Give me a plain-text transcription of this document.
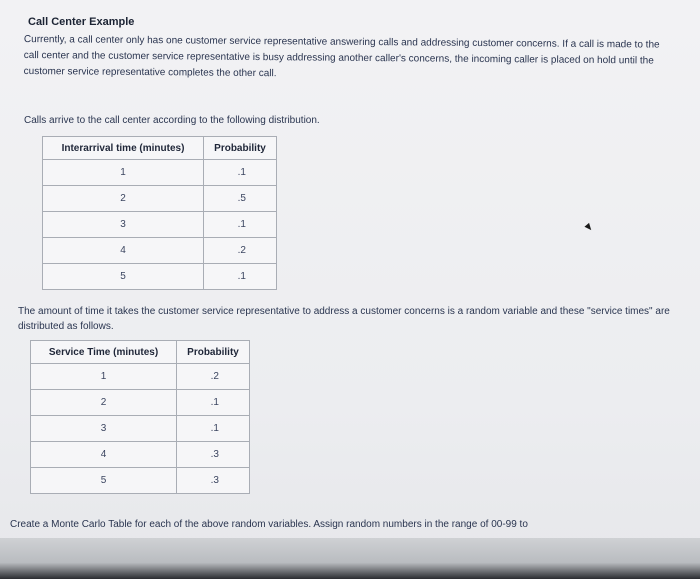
Call Center Example
Currently, a call center only has one customer service representative answering calls and addressing customer concerns. If a call is made to the call center and the customer service representative is busy addressing another caller's concerns, the incoming caller is placed on hold until the customer service representative completes the other call.
Calls arrive to the call center according to the following distribution.
Interarrival time (minutes)	Probability
1	.1
2	.5
3	.1
4	.2
5	.1
The amount of time it takes the customer service representative to address a customer concerns is a random variable and these "service times" are distributed as follows.
Service Time (minutes)	Probability
1	.2
2	.1
3	.1
4	.3
5	.3
Create a Monte Carlo Table for each of the above random variables. Assign random numbers in the range of 00-99 to
